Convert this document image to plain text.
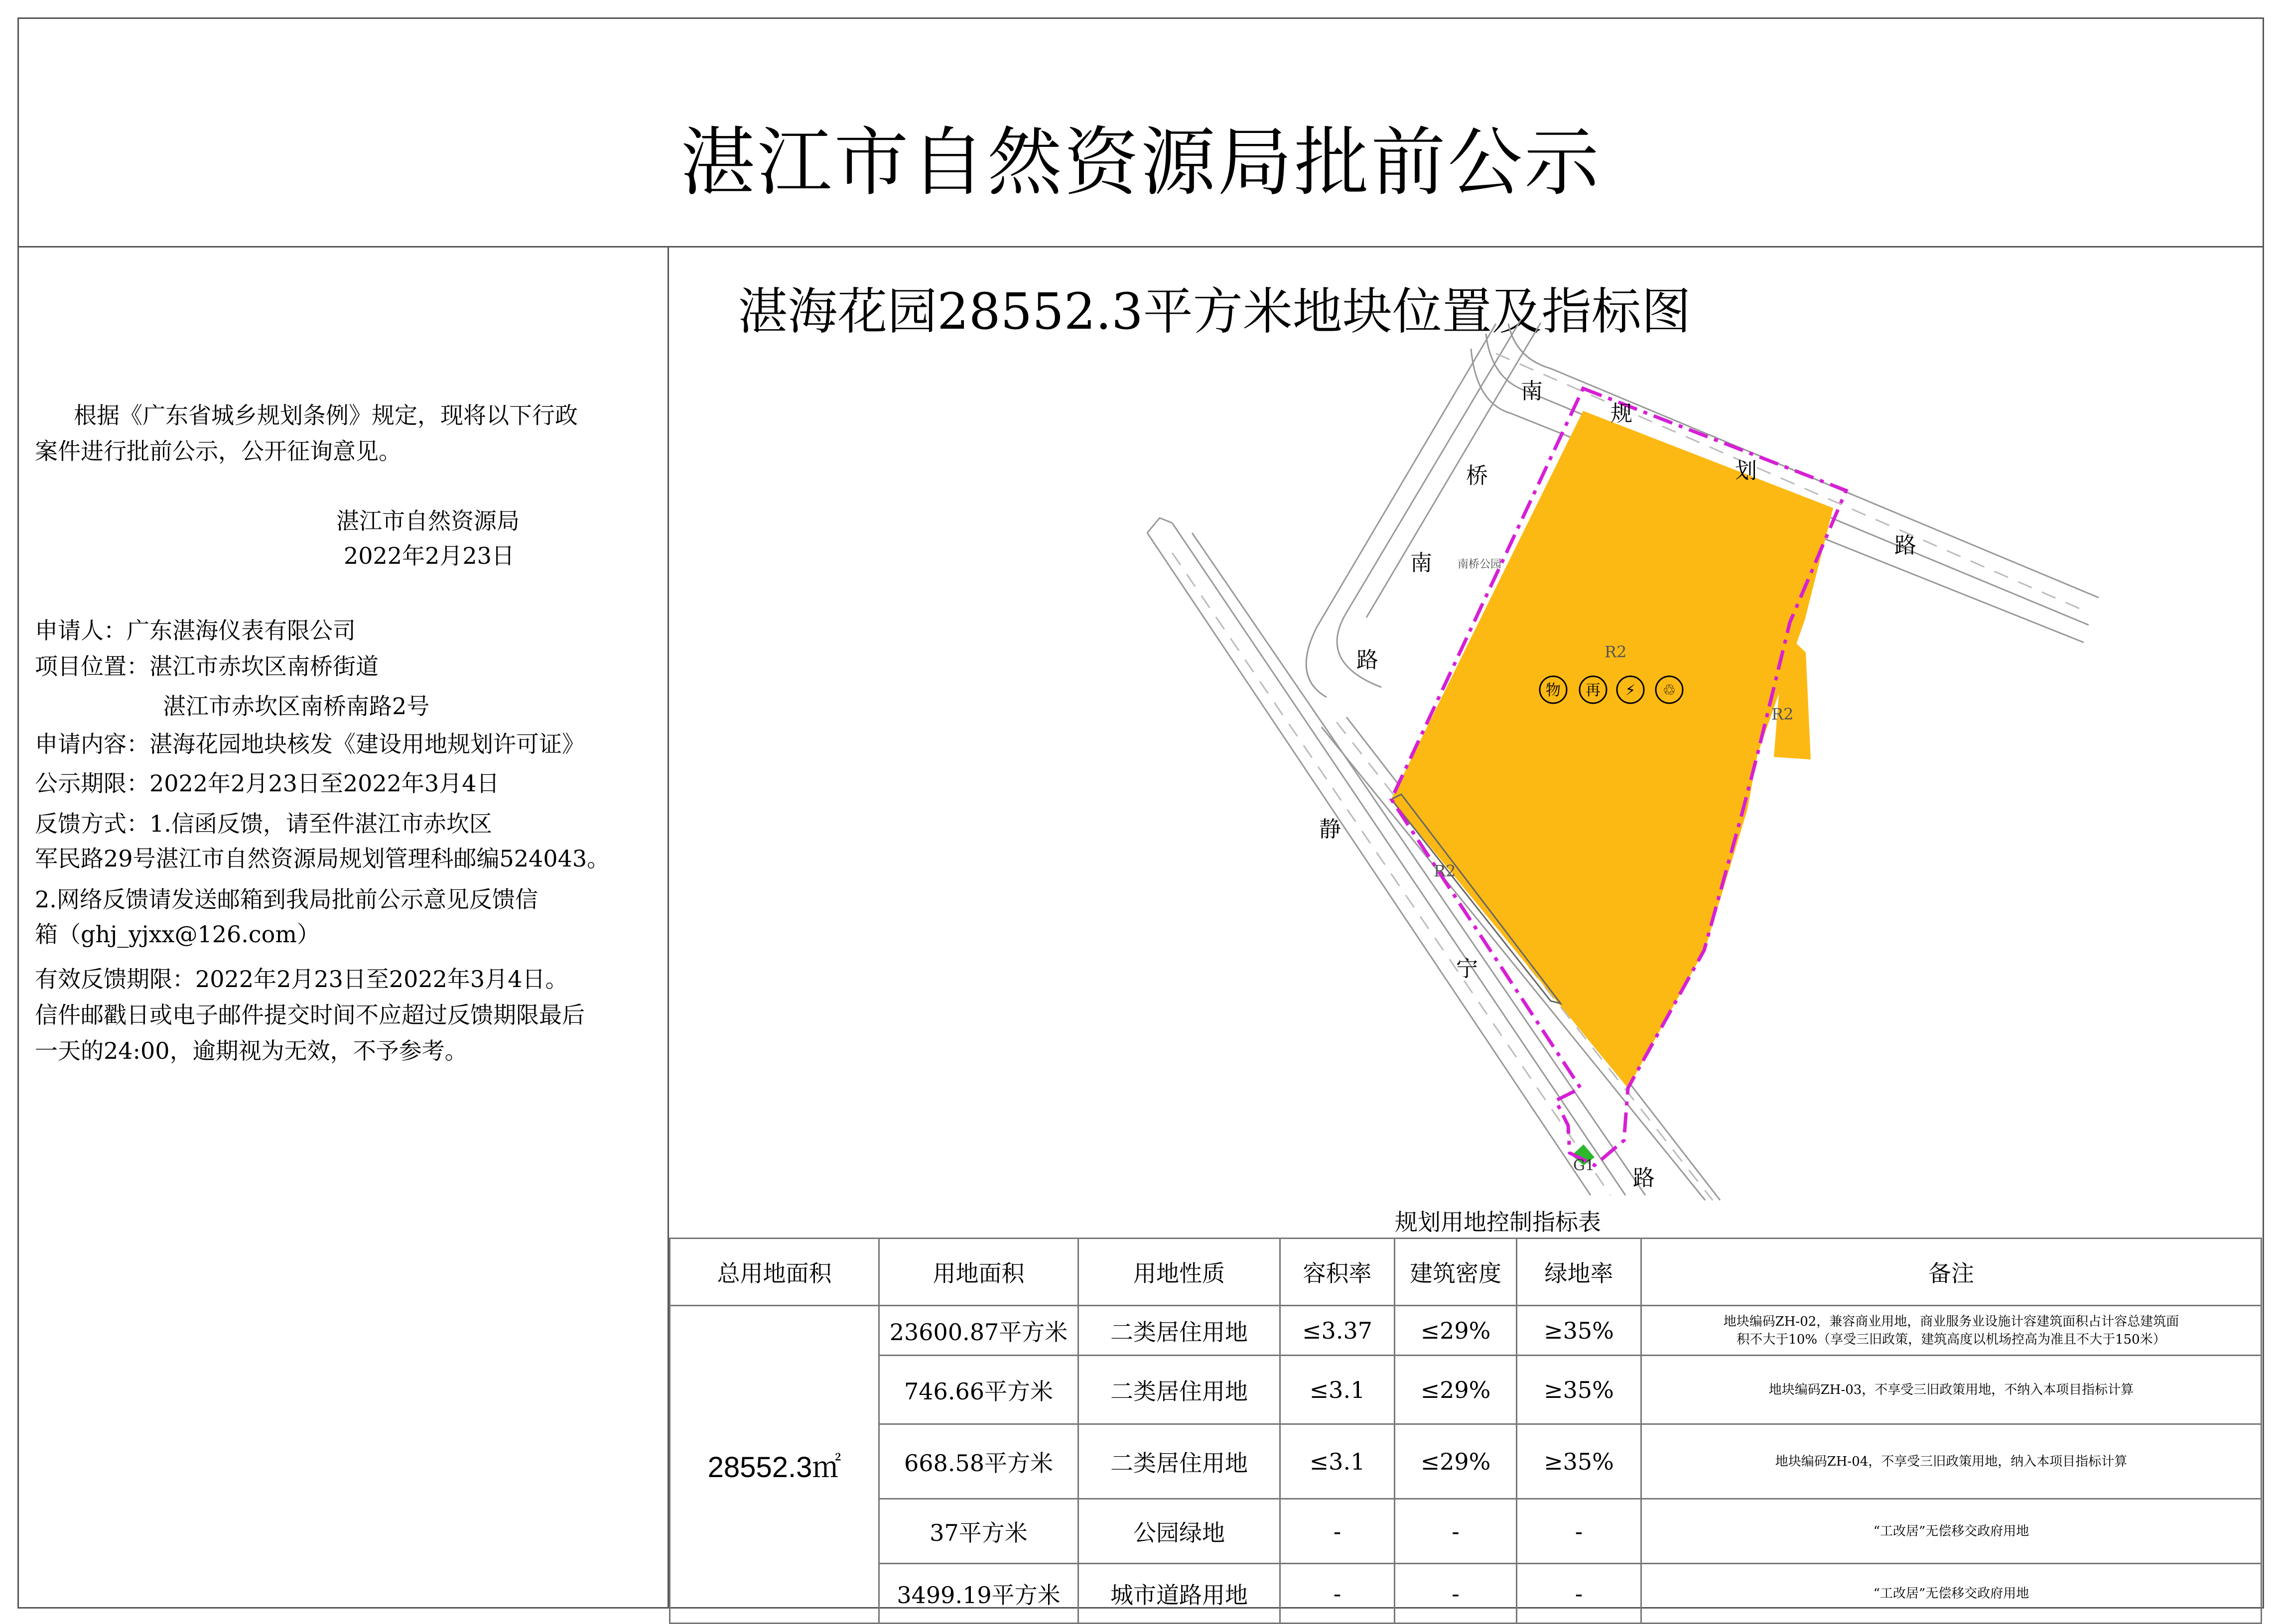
湛江市自然资源局批前公示
根据《广东省城乡规划条例》规定，现将以下行政
案件进行批前公示，公开征询意见。
湛江市自然资源局
2022年2月23日
申请人：广东湛海仪表有限公司
项目位置：湛江市赤坎区南桥街道
湛江市赤坎区南桥南路2号
申请内容：湛海花园地块核发《建设用地规划许可证》
公示期限：2022年2月23日至2022年3月4日
反馈方式：1.信函反馈，请至件湛江市赤坎区
军民路29号湛江市自然资源局规划管理科邮编524043。
2.网络反馈请发送邮箱到我局批前公示意见反馈信
箱（ghj_yjxx@126.com）
有效反馈期限：2022年2月23日至2022年3月4日。
信件邮戳日或电子邮件提交时间不应超过反馈期限最后
一天的24:00，逾期视为无效，不予参考。
湛海花园28552.3平方米地块位置及指标图
南
桥
南
路
规
划
路
静
宁
路
南桥公园
R2
R2
R2
G1
物 再 ⚡ ♲
规划用地控制指标表
总用地面积	用地面积	用地性质	容积率	建筑密度	绿地率	备注
28552.3㎡	23600.87平方米	二类居住用地	≤3.37	≤29%	≥35%	地块编码ZH-02，兼容商业用地，商业服务业设施计容建筑面积占计容总建筑面
积不大于10%（享受三旧政策，建筑高度以机场控高为准且不大于150米）

	746.66平方米	二类居住用地	≤3.1	≤29%	≥35%	地块编码ZH-03，不享受三旧政策用地，不纳入本项目指标计算
	668.58平方米	二类居住用地	≤3.1	≤29%	≥35%	地块编码ZH-04，不享受三旧政策用地，纳入本项目指标计算
	37平方米	公园绿地	-	-	-	“工改居”无偿移交政府用地
	3499.19平方米	城市道路用地	-	-	-	“工改居”无偿移交政府用地
